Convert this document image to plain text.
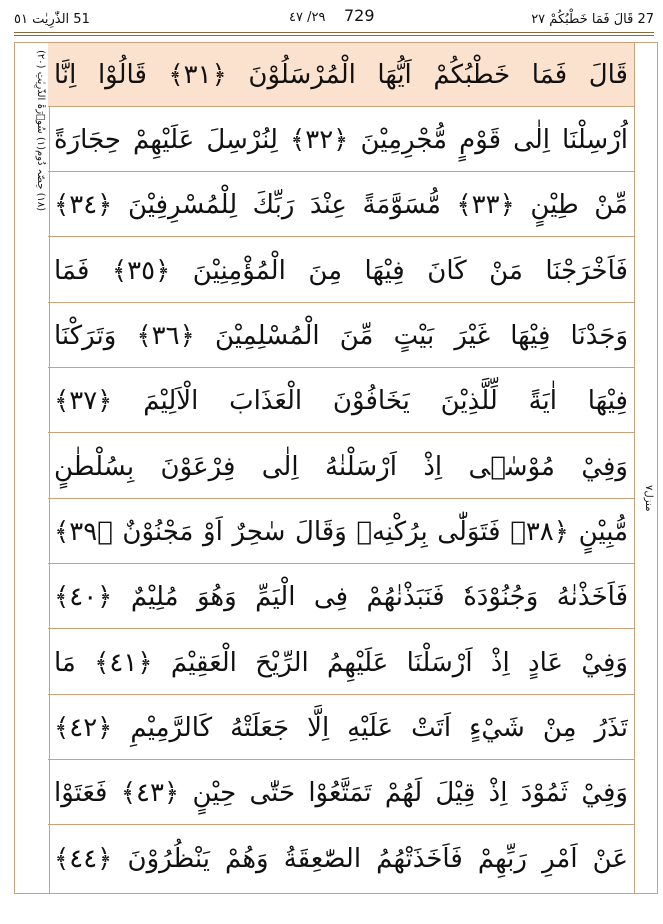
27 قَالَ فَمَا خَطْبُكُمْ ٢٧
729
٢٩/ ٤٧
51 الذّٰرِیٰت ٥١
(١٨) حِصّہ دُوم(١) سُوۡرَۃُ الذّٰرِیٰتِ (٢٠)
منزل٧
قَالَ فَمَا خَطْبُكُمْ اَيُّهَا الْمُرْسَلُوْنَ ﴿٣١﴾ قَالُوْا اِنَّا
اُرْسِلْنَا اِلٰى قَوْمٍ مُّجْرِمِيْنَ ﴿٣٢﴾ لِنُرْسِلَ عَلَيْهِمْ حِجَارَةً
مِّنْ طِيْنٍ ﴿٣٣﴾ مُّسَوَّمَةً عِنْدَ رَبِّكَ لِلْمُسْرِفِيْنَ ﴿٣٤﴾
فَاَخْرَجْنَا مَنْ كَانَ فِيْهَا مِنَ الْمُؤْمِنِيْنَ ﴿٣٥﴾ فَمَا
وَجَدْنَا فِيْهَا غَيْرَ بَيْتٍ مِّنَ الْمُسْلِمِيْنَ ﴿٣٦﴾ وَتَرَكْنَا
فِيْهَا اٰيَةً لِّلَّذِيْنَ يَخَافُوْنَ الْعَذَابَ الْاَلِيْمَ ﴿٣٧﴾
وَفِيْ مُوْسٰۤى اِذْ اَرْسَلْنٰهُ اِلٰى فِرْعَوْنَ بِسُلْطٰنٍ
مُّبِيْنٍ ﴿٣٨﴾ فَتَوَلّٰى بِرُكْنِهٖ وَقَالَ سٰحِرٌ اَوْ مَجْنُوْنٌ ﴿٣٩﴾
فَاَخَذْنٰهُ وَجُنُوْدَهٗ فَنَبَذْنٰهُمْ فِى الْيَمِّ وَهُوَ مُلِيْمٌ ﴿٤٠﴾
وَفِيْ عَادٍ اِذْ اَرْسَلْنَا عَلَيْهِمُ الرِّيْحَ الْعَقِيْمَ ﴿٤١﴾ مَا
تَذَرُ مِنْ شَيْءٍ اَتَتْ عَلَيْهِ اِلَّا جَعَلَتْهُ كَالرَّمِيْمِ ﴿٤٢﴾
وَفِيْ ثَمُوْدَ اِذْ قِيْلَ لَهُمْ تَمَتَّعُوْا حَتّٰى حِيْنٍ ﴿٤٣﴾ فَعَتَوْا
عَنْ اَمْرِ رَبِّهِمْ فَاَخَذَتْهُمُ الصّٰعِقَةُ وَهُمْ يَنْظُرُوْنَ ﴿٤٤﴾
